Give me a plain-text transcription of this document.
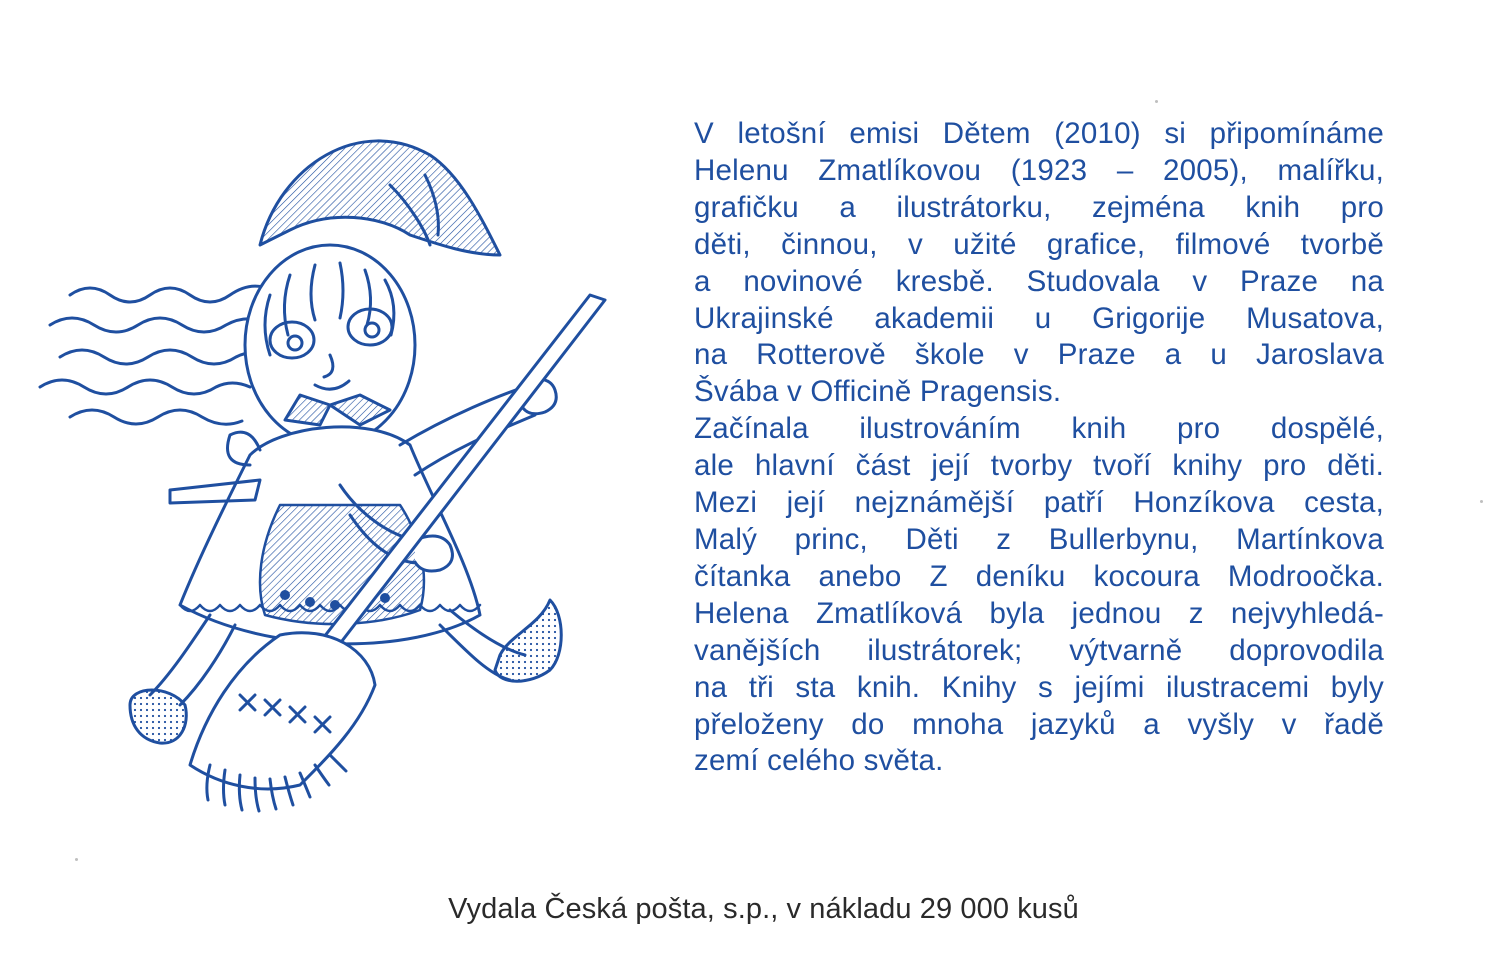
V letošní emisi Dětem (2010) si připomínáme
Helenu Zmatlíkovou (1923 – 2005), malířku,
grafičku a ilustrátorku, zejména knih pro
děti, činnou, v užité grafice, filmové tvorbě
a novinové kresbě. Studovala v Praze na
Ukrajinské akademii u Grigorije Musatova,
na Rotterově škole v Praze a u Jaroslava
Švába v Officině Pragensis.
Začínala ilustrováním knih pro dospělé,
ale hlavní část její tvorby tvoří knihy pro děti.
Mezi její nejznámější patří Honzíkova cesta,
Malý princ, Děti z Bullerbynu, Martínkova
čítanka anebo Z deníku kocoura Modroočka.
Helena Zmatlíková byla jednou z nejvyhledá-
vanějších ilustrátorek; výtvarně doprovodila
na tři sta knih. Knihy s jejími ilustracemi byly
přeloženy do mnoha jazyků a vyšly v řadě
zemí celého světa.
Vydala Česká pošta, s.p., v nákladu 29 000 kusů
